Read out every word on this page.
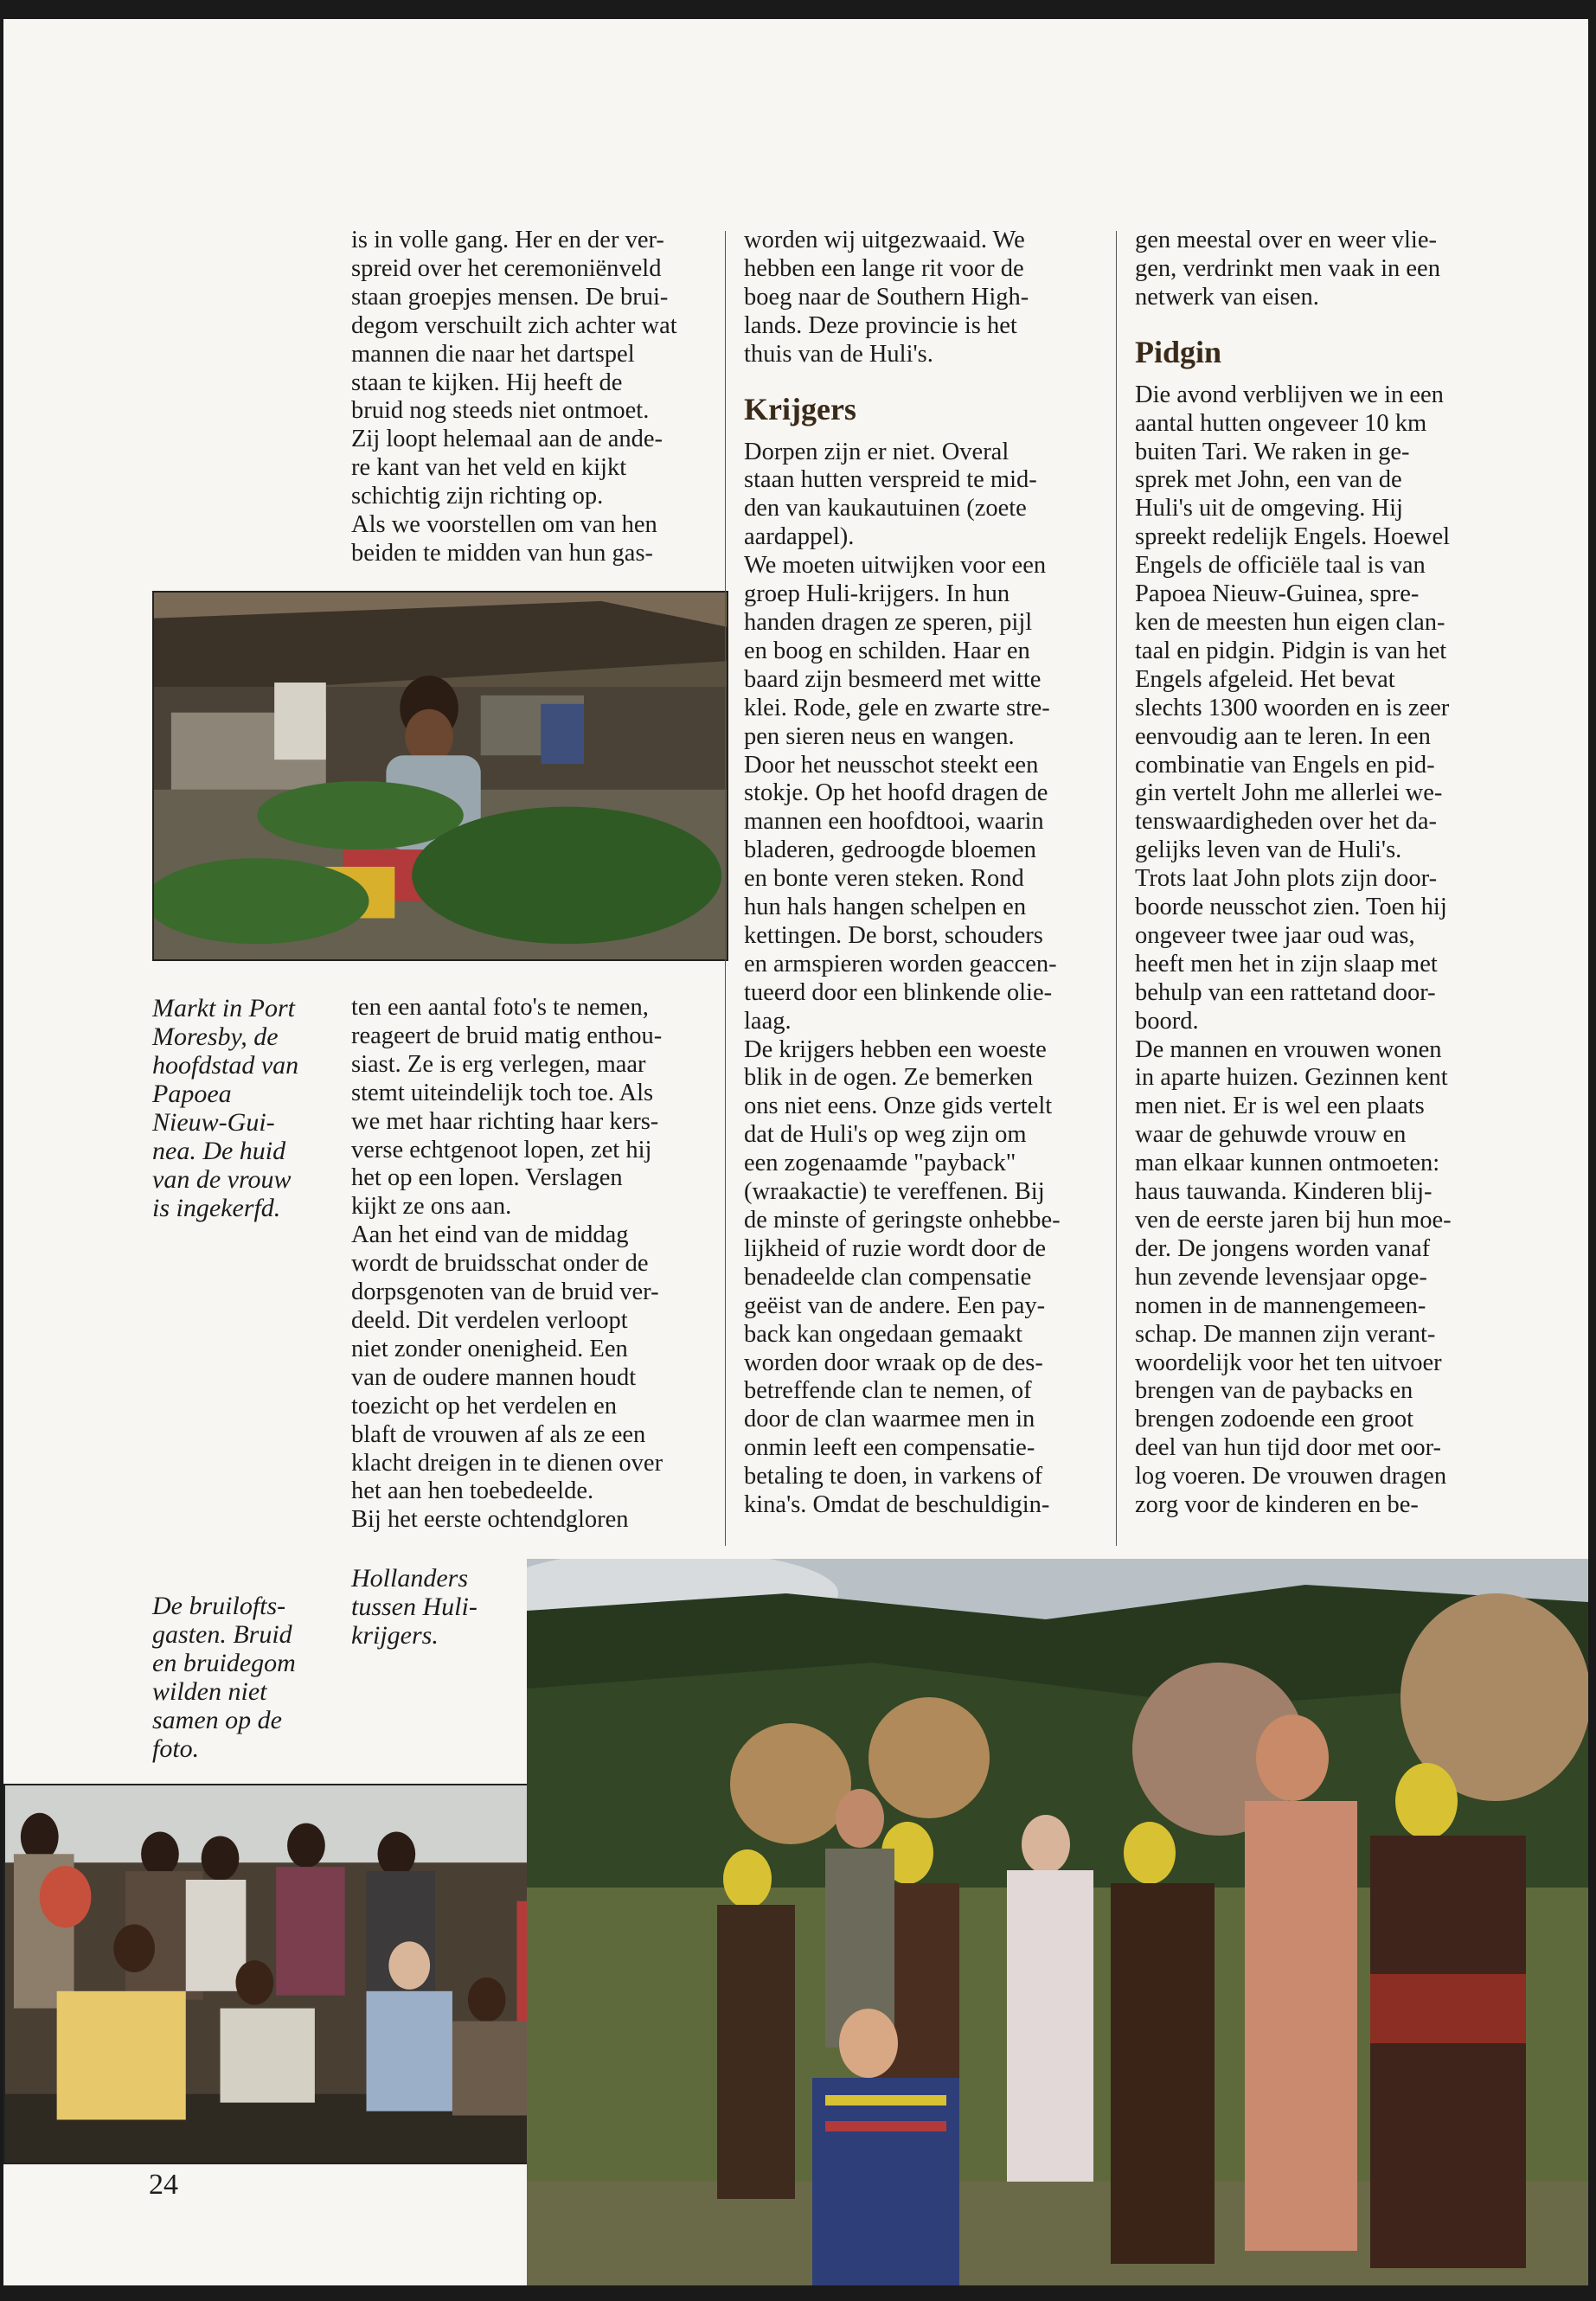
is in volle gang. Her en der ver-

spreid over het ceremoniënveld

staan groepjes mensen. De brui-

degom verschuilt zich achter wat

mannen die naar het dartspel

staan te kijken. Hij heeft de

bruid nog steeds niet ontmoet.

Zij loopt helemaal aan de ande-

re kant van het veld en kijkt

schichtig zijn richting op.

Als we voorstellen om van hen

beiden te midden van hun gas-

Markt in Port
Moresby, de
hoofdstad van
Papoea
Nieuw-Gui-
nea. De huid
van de vrouw
is ingekerfd.

ten een aantal foto's te nemen,

reageert de bruid matig enthou-

siast. Ze is erg verlegen, maar

stemt uiteindelijk toch toe. Als

we met haar richting haar kers-

verse echtgenoot lopen, zet hij

het op een lopen. Verslagen

kijkt ze ons aan.

Aan het eind van de middag

wordt de bruidsschat onder de

dorpsgenoten van de bruid ver-

deeld. Dit verdelen verloopt

niet zonder onenigheid. Een

van de oudere mannen houdt

toezicht op het verdelen en

blaft de vrouwen af als ze een

klacht dreigen in te dienen over

het aan hen toebedeelde.

Bij het eerste ochtendgloren

worden wij uitgezwaaid. We

hebben een lange rit voor de

boeg naar de Southern High-

lands. Deze provincie is het

thuis van de Huli's.

Krijgers

Dorpen zijn er niet. Overal

staan hutten verspreid te mid-

den van kaukautuinen (zoete

aardappel).

We moeten uitwijken voor een

groep Huli-krijgers. In hun

handen dragen ze speren, pijl

en boog en schilden. Haar en

baard zijn besmeerd met witte

klei. Rode, gele en zwarte stre-

pen sieren neus en wangen.

Door het neusschot steekt een

stokje. Op het hoofd dragen de

mannen een hoofdtooi, waarin

bladeren, gedroogde bloemen

en bonte veren steken. Rond

hun hals hangen schelpen en

kettingen. De borst, schouders

en armspieren worden geaccen-

tueerd door een blinkende olie-

laag.

De krijgers hebben een woeste

blik in de ogen. Ze bemerken

ons niet eens. Onze gids vertelt

dat de Huli's op weg zijn om

een zogenaamde "payback"

(wraakactie) te vereffenen. Bij

de minste of geringste onhebbe-

lijkheid of ruzie wordt door de

benadeelde clan compensatie

geëist van de andere. Een pay-

back kan ongedaan gemaakt

worden door wraak op de des-

betreffende clan te nemen, of

door de clan waarmee men in

onmin leeft een compensatie-

betaling te doen, in varkens of

kina's. Omdat de beschuldigin-

gen meestal over en weer vlie-

gen, verdrinkt men vaak in een

netwerk van eisen.

Pidgin

Die avond verblijven we in een

aantal hutten ongeveer 10 km

buiten Tari. We raken in ge-

sprek met John, een van de

Huli's uit de omgeving. Hij

spreekt redelijk Engels. Hoewel

Engels de officiële taal is van

Papoea Nieuw-Guinea, spre-

ken de meesten hun eigen clan-

taal en pidgin. Pidgin is van het

Engels afgeleid. Het bevat

slechts 1300 woorden en is zeer

eenvoudig aan te leren. In een

combinatie van Engels en pid-

gin vertelt John me allerlei we-

tenswaardigheden over het da-

gelijks leven van de Huli's.

Trots laat John plots zijn door-

boorde neusschot zien. Toen hij

ongeveer twee jaar oud was,

heeft men het in zijn slaap met

behulp van een rattetand door-

boord.

De mannen en vrouwen wonen

in aparte huizen. Gezinnen kent

men niet. Er is wel een plaats

waar de gehuwde vrouw en

man elkaar kunnen ontmoeten:

haus tauwanda. Kinderen blij-

ven de eerste jaren bij hun moe-

der. De jongens worden vanaf

hun zevende levensjaar opge-

nomen in de mannengemeen-

schap. De mannen zijn verant-

woordelijk voor het ten uitvoer

brengen van de paybacks en

brengen zodoende een groot

deel van hun tijd door met oor-

log voeren. De vrouwen dragen

zorg voor de kinderen en be-

De bruilofts-
gasten. Bruid
en bruidegom
wilden niet
samen op de
foto.
Hollanders
tussen Huli-
krijgers.
24
